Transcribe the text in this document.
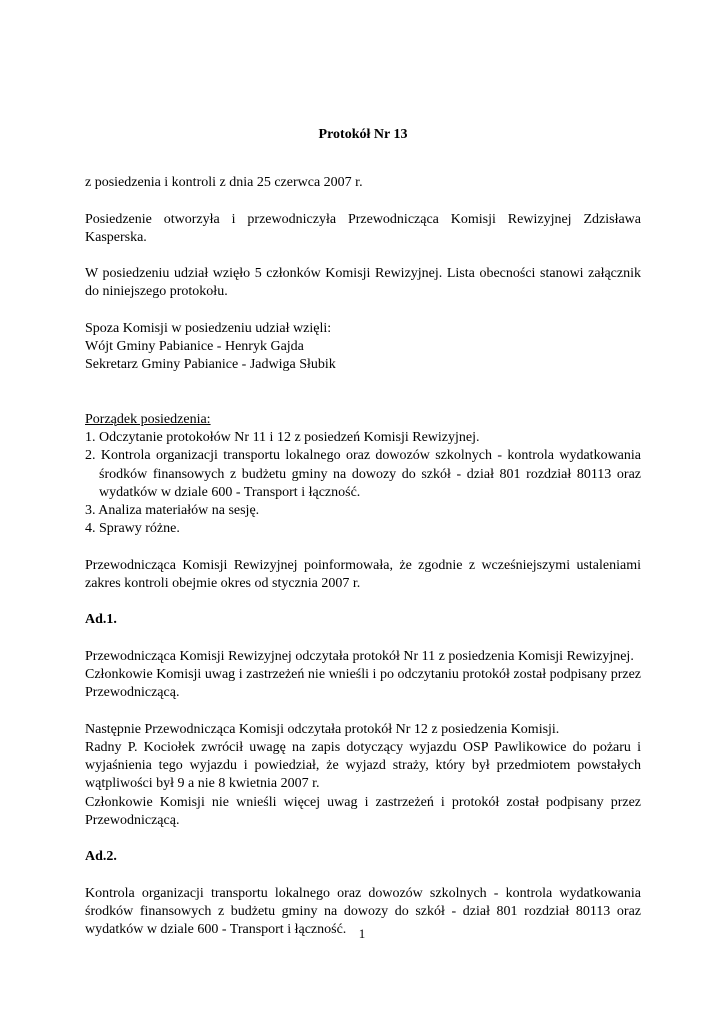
Protokół Nr 13

z posiedzenia i kontroli z dnia 25 czerwca 2007 r.

Posiedzenie otworzyła i przewodniczyła Przewodnicząca Komisji Rewizyjnej Zdzisława Kasperska.

W posiedzeniu udział wzięło 5 członków Komisji Rewizyjnej. Lista obecności stanowi załącznik do niniejszego protokołu.

Spoza Komisji w posiedzeniu udział wzięli:

Wójt Gminy Pabianice - Henryk Gajda

Sekretarz Gminy Pabianice - Jadwiga Słubik

Porządek posiedzenia:

1. Odczytanie protokołów Nr 11 i 12 z posiedzeń Komisji Rewizyjnej.

2. Kontrola organizacji transportu lokalnego oraz dowozów szkolnych - kontrola wydatkowania środków finansowych z budżetu gminy na dowozy do szkół - dział 801 rozdział 80113 oraz wydatków w dziale 600 - Transport i łączność.

3. Analiza materiałów na sesję.

4. Sprawy różne.

Przewodnicząca Komisji Rewizyjnej poinformowała, że zgodnie z wcześniejszymi ustaleniami zakres kontroli obejmie okres od stycznia 2007 r.

Ad.1.

Przewodnicząca Komisji Rewizyjnej odczytała protokół Nr 11 z posiedzenia Komisji Rewizyjnej.

Członkowie Komisji uwag i zastrzeżeń nie wnieśli i po odczytaniu protokół został podpisany przez Przewodniczącą.

Następnie Przewodnicząca Komisji odczytała protokół Nr 12 z posiedzenia Komisji.

Radny P. Kociołek zwrócił uwagę na zapis dotyczący wyjazdu OSP Pawlikowice do pożaru i wyjaśnienia tego wyjazdu i powiedział, że wyjazd straży, który był przedmiotem powstałych wątpliwości był 9 a nie 8 kwietnia 2007 r.

Członkowie Komisji nie wnieśli więcej uwag i zastrzeżeń i protokół został podpisany przez Przewodniczącą.

Ad.2.

Kontrola organizacji transportu lokalnego oraz dowozów szkolnych - kontrola wydatkowania środków finansowych z budżetu gminy na dowozy do szkół - dział 801 rozdział 80113 oraz wydatków w dziale 600 - Transport i łączność. 1
